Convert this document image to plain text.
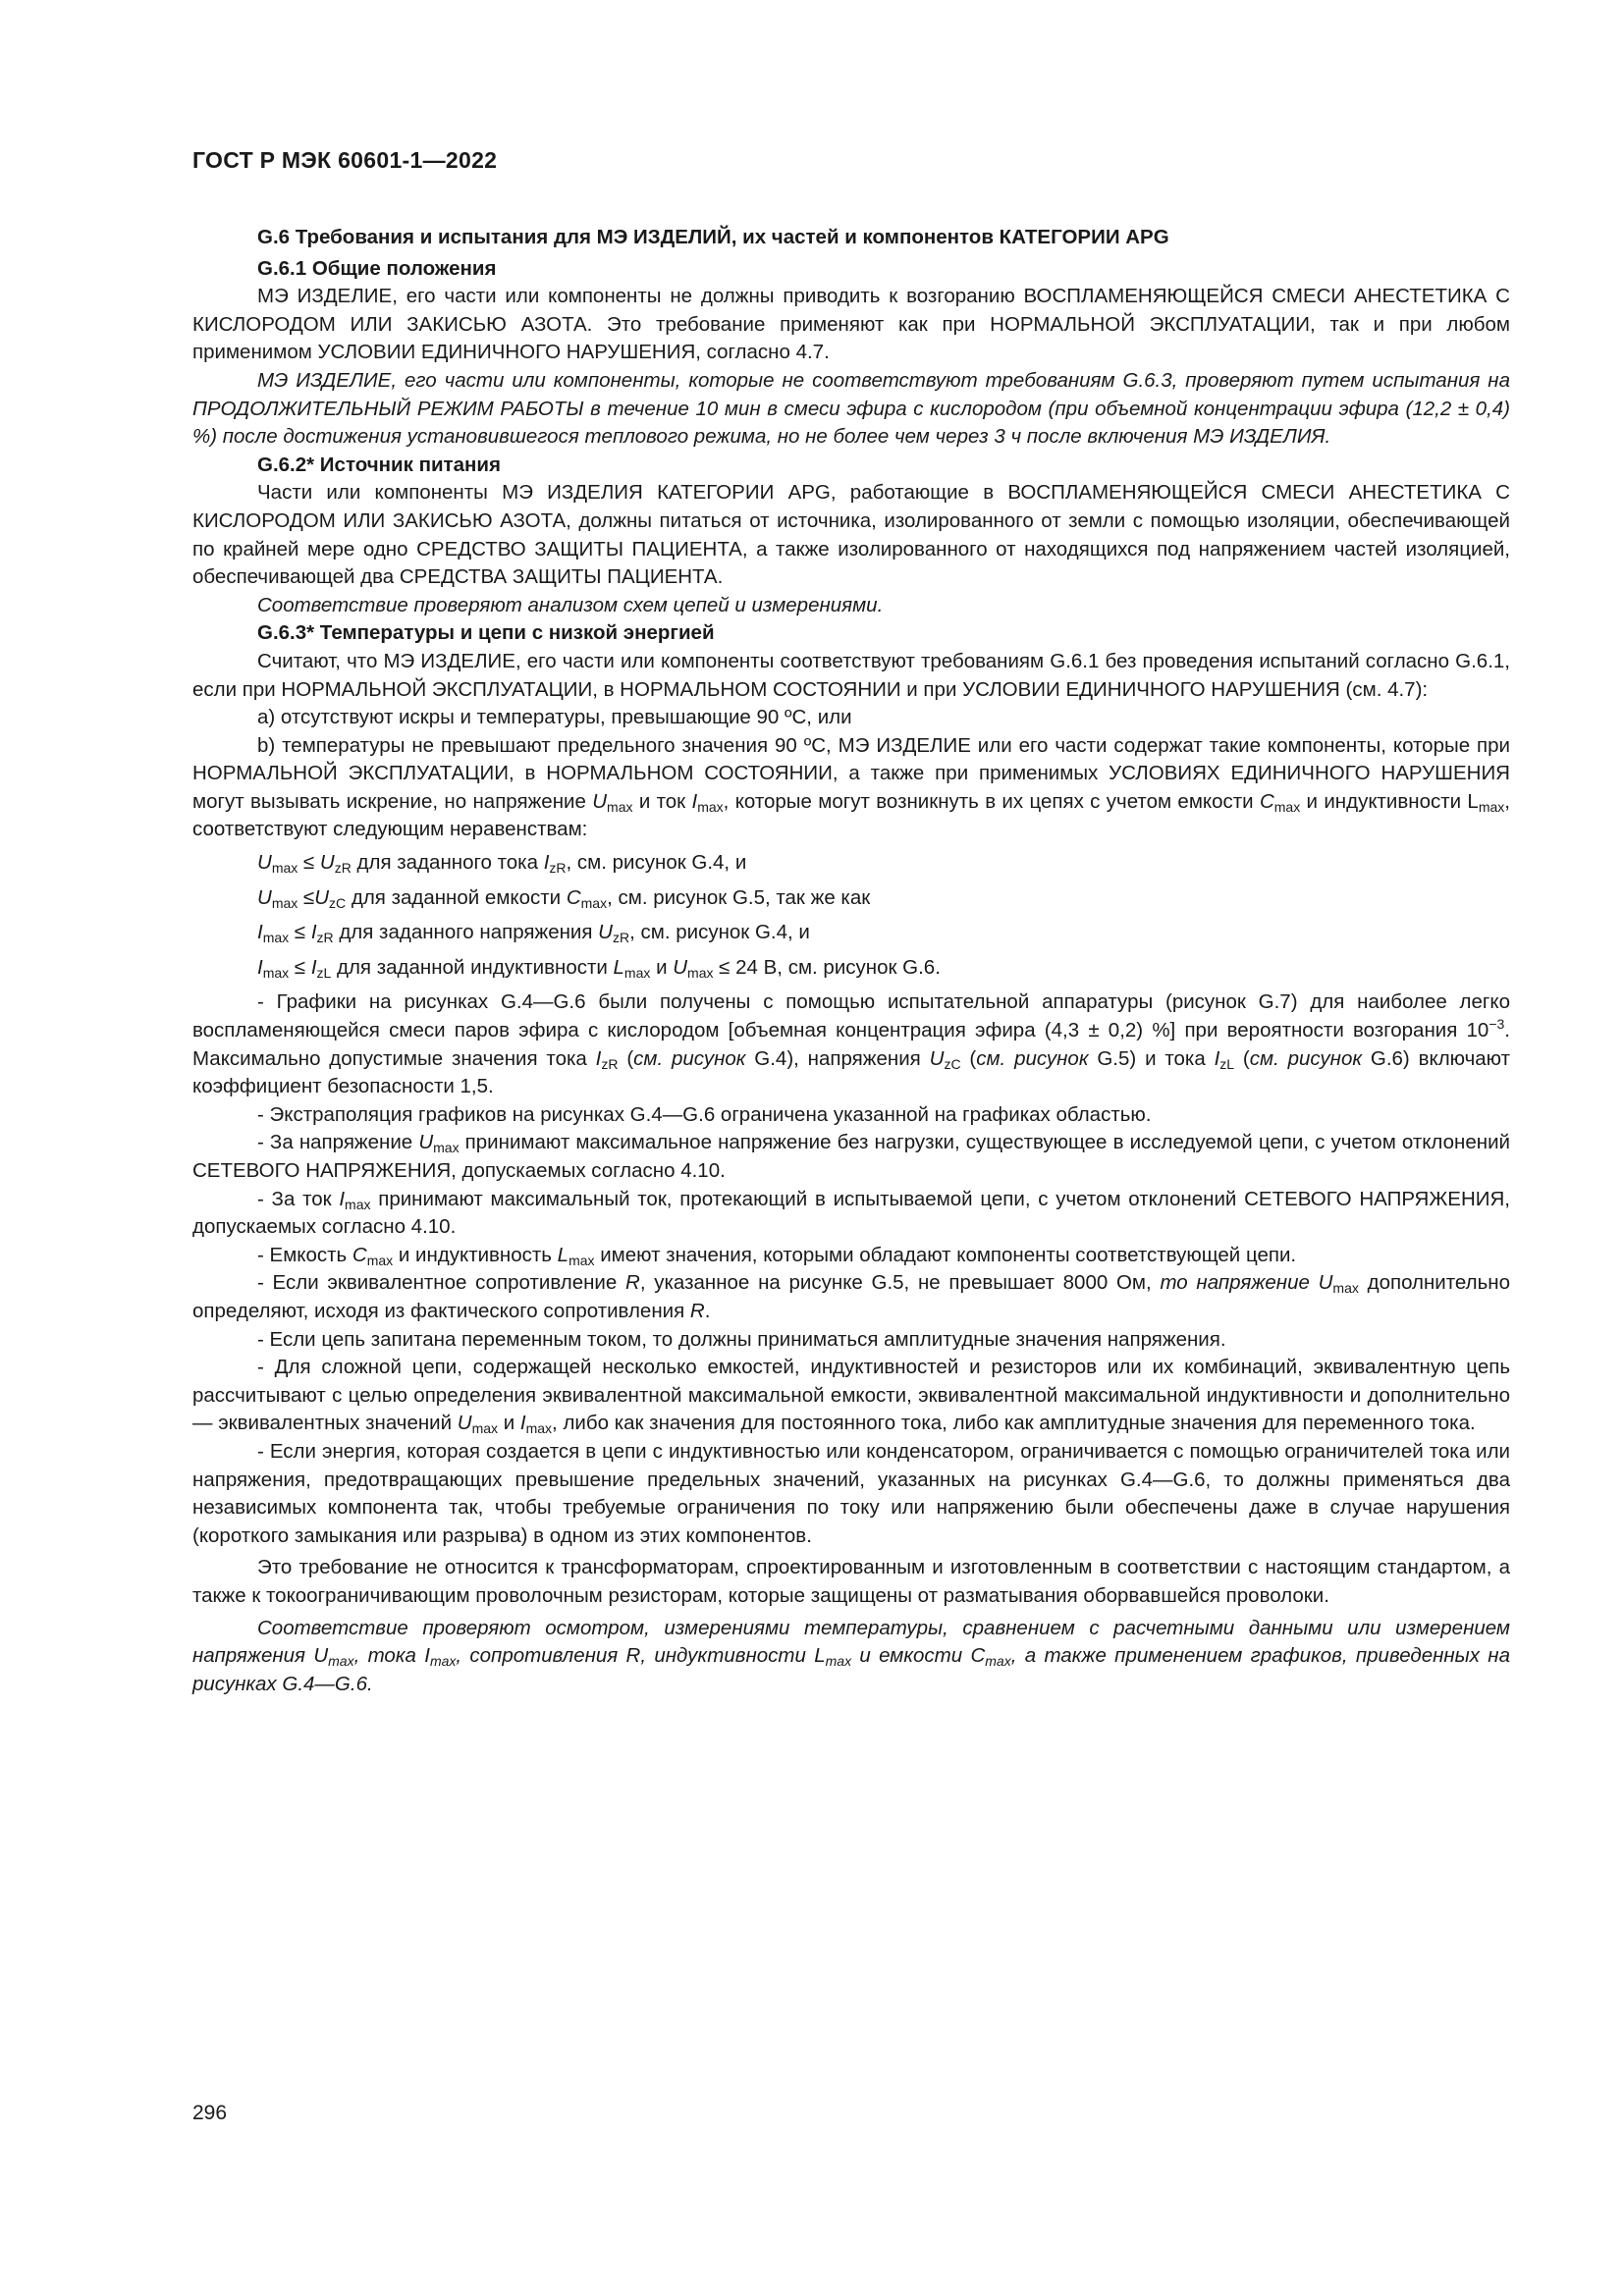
ГОСТ Р МЭК 60601-1—2022

G.6 Требования и испытания для МЭ ИЗДЕЛИЙ, их частей и компонентов КАТЕГОРИИ APG

G.6.1 Общие положения

МЭ ИЗДЕЛИЕ, его части или компоненты не должны приводить к возгоранию ВОСПЛАМЕНЯЮЩЕЙСЯ СМЕСИ АНЕСТЕТИКА С КИСЛОРОДОМ ИЛИ ЗАКИСЬЮ АЗОТА. Это требование применяют как при НОРМАЛЬНОЙ ЭКСПЛУАТАЦИИ, так и при любом применимом УСЛОВИИ ЕДИНИЧНОГО НАРУШЕНИЯ, согласно 4.7.

МЭ ИЗДЕЛИЕ, его части или компоненты, которые не соответствуют требованиям G.6.3, проверяют путем испытания на ПРОДОЛЖИТЕЛЬНЫЙ РЕЖИМ РАБОТЫ в течение 10 мин в смеси эфира с кислородом (при объемной концентрации эфира (12,2 ± 0,4) %) после достижения установившегося теплового режима, но не более чем через 3 ч после включения МЭ ИЗДЕЛИЯ.

G.6.2* Источник питания

Части или компоненты МЭ ИЗДЕЛИЯ КАТЕГОРИИ APG, работающие в ВОСПЛАМЕНЯЮЩЕЙСЯ СМЕСИ АНЕСТЕТИКА С КИСЛОРОДОМ ИЛИ ЗАКИСЬЮ АЗОТА, должны питаться от источника, изолированного от земли с помощью изоляции, обеспечивающей по крайней мере одно СРЕДСТВО ЗАЩИТЫ ПАЦИЕНТА, а также изолированного от находящихся под напряжением частей изоляцией, обеспечивающей два СРЕДСТВА ЗАЩИТЫ ПАЦИЕНТА.

Соответствие проверяют анализом схем цепей и измерениями.

G.6.3* Температуры и цепи с низкой энергией

Считают, что МЭ ИЗДЕЛИЕ, его части или компоненты соответствуют требованиям G.6.1 без проведения испытаний согласно G.6.1, если при НОРМАЛЬНОЙ ЭКСПЛУАТАЦИИ, в НОРМАЛЬНОМ СОСТОЯНИИ и при УСЛОВИИ ЕДИНИЧНОГО НАРУШЕНИЯ (см. 4.7):

a) отсутствуют искры и температуры, превышающие 90 ºС, или

b) температуры не превышают предельного значения 90 ºС, МЭ ИЗДЕЛИЕ или его части содержат такие компоненты, которые при НОРМАЛЬНОЙ ЭКСПЛУАТАЦИИ, в НОРМАЛЬНОМ СОСТОЯНИИ, а также при применимых УСЛОВИЯХ ЕДИНИЧНОГО НАРУШЕНИЯ могут вызывать искрение, но напряжение $U_{max}$ и ток $I_{max}$, которые могут возникнуть в их цепях с учетом емкости $C_{max}$ и индуктивности $L_{max}$, соответствуют следующим неравенствам:

$U_{max} \le U_{zR}$ для заданного тока $I_{zR}$, см. рисунок G.4, и

$U_{max} \le U_{zC}$ для заданной емкости $C_{max}$, см. рисунок G.5, так же как

$I_{max} \le I_{zR}$ для заданного напряжения $U_{zR}$, см. рисунок G.4, и

$I_{max} \le I_{zL}$ для заданной индуктивности $L_{max}$ и $U_{max} \le 24$ В, см. рисунок G.6.

- Графики на рисунках G.4—G.6 были получены с помощью испытательной аппаратуры (рисунок G.7) для наиболее легко воспламеняющейся смеси паров эфира с кислородом [объемная концентрация эфира (4,3 ± 0,2) %] при вероятности возгорания $10^{-3}$. Максимально допустимые значения тока $I_{zR}$ (см. рисунок G.4), напряжения $U_{zC}$ (см. рисунок G.5) и тока $I_{zL}$ (см. рисунок G.6) включают коэффициент безопасности 1,5.

- Экстраполяция графиков на рисунках G.4—G.6 ограничена указанной на графиках областью.

- За напряжение $U_{max}$ принимают максимальное напряжение без нагрузки, существующее в исследуемой цепи, с учетом отклонений СЕТЕВОГО НАПРЯЖЕНИЯ, допускаемых согласно 4.10.

- За ток $I_{max}$ принимают максимальный ток, протекающий в испытываемой цепи, с учетом отклонений СЕТЕВОГО НАПРЯЖЕНИЯ, допускаемых согласно 4.10.

- Емкость $C_{max}$ и индуктивность $L_{max}$ имеют значения, которыми обладают компоненты соответствующей цепи.

- Если эквивалентное сопротивление R, указанное на рисунке G.5, не превышает 8000 Ом, то напряжение $U_{max}$ дополнительно определяют, исходя из фактического сопротивления R.

- Если цепь запитана переменным током, то должны приниматься амплитудные значения напряжения.

- Для сложной цепи, содержащей несколько емкостей, индуктивностей и резисторов или их комбинаций, эквивалентную цепь рассчитывают с целью определения эквивалентной максимальной емкости, эквивалентной максимальной индуктивности и дополнительно — эквивалентных значений $U_{max}$ и $I_{max}$, либо как значения для постоянного тока, либо как амплитудные значения для переменного тока.

- Если энергия, которая создается в цепи с индуктивностью или конденсатором, ограничивается с помощью ограничителей тока или напряжения, предотвращающих превышение предельных значений, указанных на рисунках G.4—G.6, то должны применяться два независимых компонента так, чтобы требуемые ограничения по току или напряжению были обеспечены даже в случае нарушения (короткого замыкания или разрыва) в одном из этих компонентов.

Это требование не относится к трансформаторам, спроектированным и изготовленным в соответствии с настоящим стандартом, а также к токоограничивающим проволочным резисторам, которые защищены от разматывания оборвавшейся проволоки.

Соответствие проверяют осмотром, измерениями температуры, сравнением с расчетными данными или измерением напряжения $U_{max}$, тока $I_{max}$, сопротивления R, индуктивности $L_{max}$ и емкости $C_{max}$, а также применением графиков, приведенных на рисунках G.4—G.6.

296
